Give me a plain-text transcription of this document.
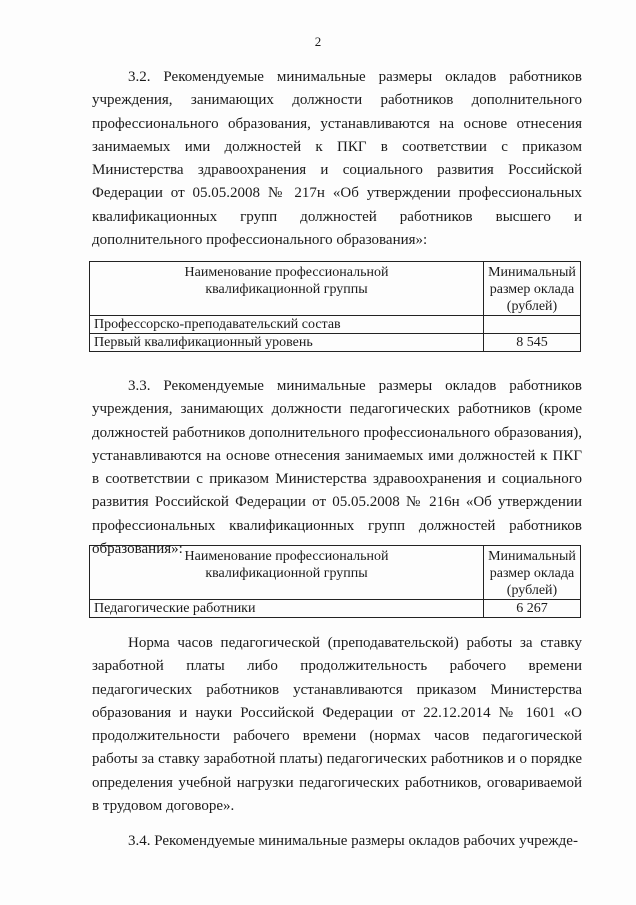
2

3.2. Рекомендуемые минимальные размеры окладов работников учреждения, занимающих должности работников дополнительного профессионального образования, устанавливаются на основе отнесения занимаемых ими должностей к ПКГ в соответствии с приказом Министерства здравоохранения и социального развития Российской Федерации от 05.05.2008 № 217н «Об утверждении профессиональных квалификационных групп должностей работников высшего и дополнительного профессионального образования»:

Наименование профессиональной
квалификационной группы	Минимальный
размер оклада
(рублей)

Профессорско-преподавательский состав	
Первый квалификационный уровень	8 545

3.3. Рекомендуемые минимальные размеры окладов работников учреждения, занимающих должности педагогических работников (кроме должностей работников дополнительного профессионального образования), устанавливаются на основе отнесения занимаемых ими должностей к ПКГ в соответствии с приказом Министерства здравоохранения и социального развития Российской Федерации от 05.05.2008 № 216н «Об утверждении профессиональных квалификационных групп должностей работников образования»: Наименование профессиональной
квалификационной группы	Минимальный
размер оклада
(рублей)

Педагогические работники	6 267

Норма часов педагогической (преподавательской) работы за ставку заработной платы либо продолжительность рабочего времени педагогических работников устанавливаются приказом Министерства образования и науки Российской Федерации от 22.12.2014 № 1601 «О продолжительности рабочего времени (нормах часов педагогической работы за ставку заработной платы) педагогических работников и о порядке определения учебной нагрузки педагогических работников, оговариваемой в трудовом договоре».

3.4. Рекомендуемые минимальные размеры окладов рабочих учрежде-
